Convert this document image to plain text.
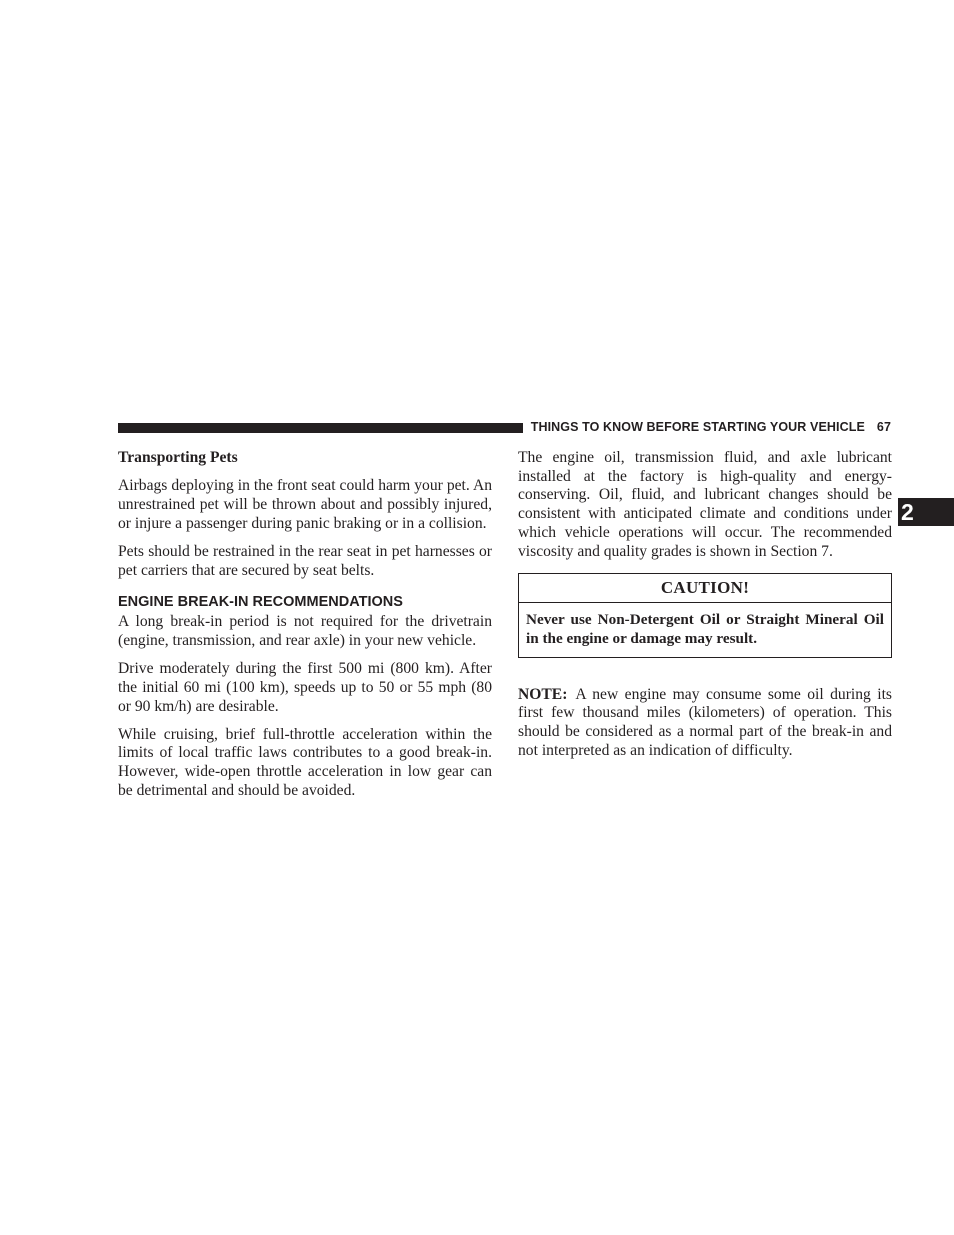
THINGS TO KNOW BEFORE STARTING YOUR VEHICLE 67
2

Transporting Pets

Airbags deploying in the front seat could harm your pet. An unrestrained pet will be thrown about and possibly injured, or injure a passenger during panic braking or in a collision.

Pets should be restrained in the rear seat in pet harnesses or pet carriers that are secured by seat belts.

ENGINE BREAK-IN RECOMMENDATIONS

A long break-in period is not required for the drivetrain (engine, transmission, and rear axle) in your new vehicle.

Drive moderately during the first 500 mi (800 km). After the initial 60 mi (100 km), speeds up to 50 or 55 mph (80 or 90 km/h) are desirable.

While cruising, brief full-throttle acceleration within the limits of local traffic laws contributes to a good break-in. However, wide-open throttle acceleration in low gear can be detrimental and should be avoided.

The engine oil, transmission fluid, and axle lubricant installed at the factory is high-quality and energy-conserving. Oil, fluid, and lubricant changes should be consistent with anticipated climate and conditions under which vehicle operations will occur. The recommended viscosity and quality grades is shown in Section 7.

CAUTION!
Never use Non-Detergent Oil or Straight Mineral Oil in the engine or damage may result.

NOTE: A new engine may consume some oil during its first few thousand miles (kilometers) of operation. This should be considered as a normal part of the break-in and not interpreted as an indication of difficulty.
